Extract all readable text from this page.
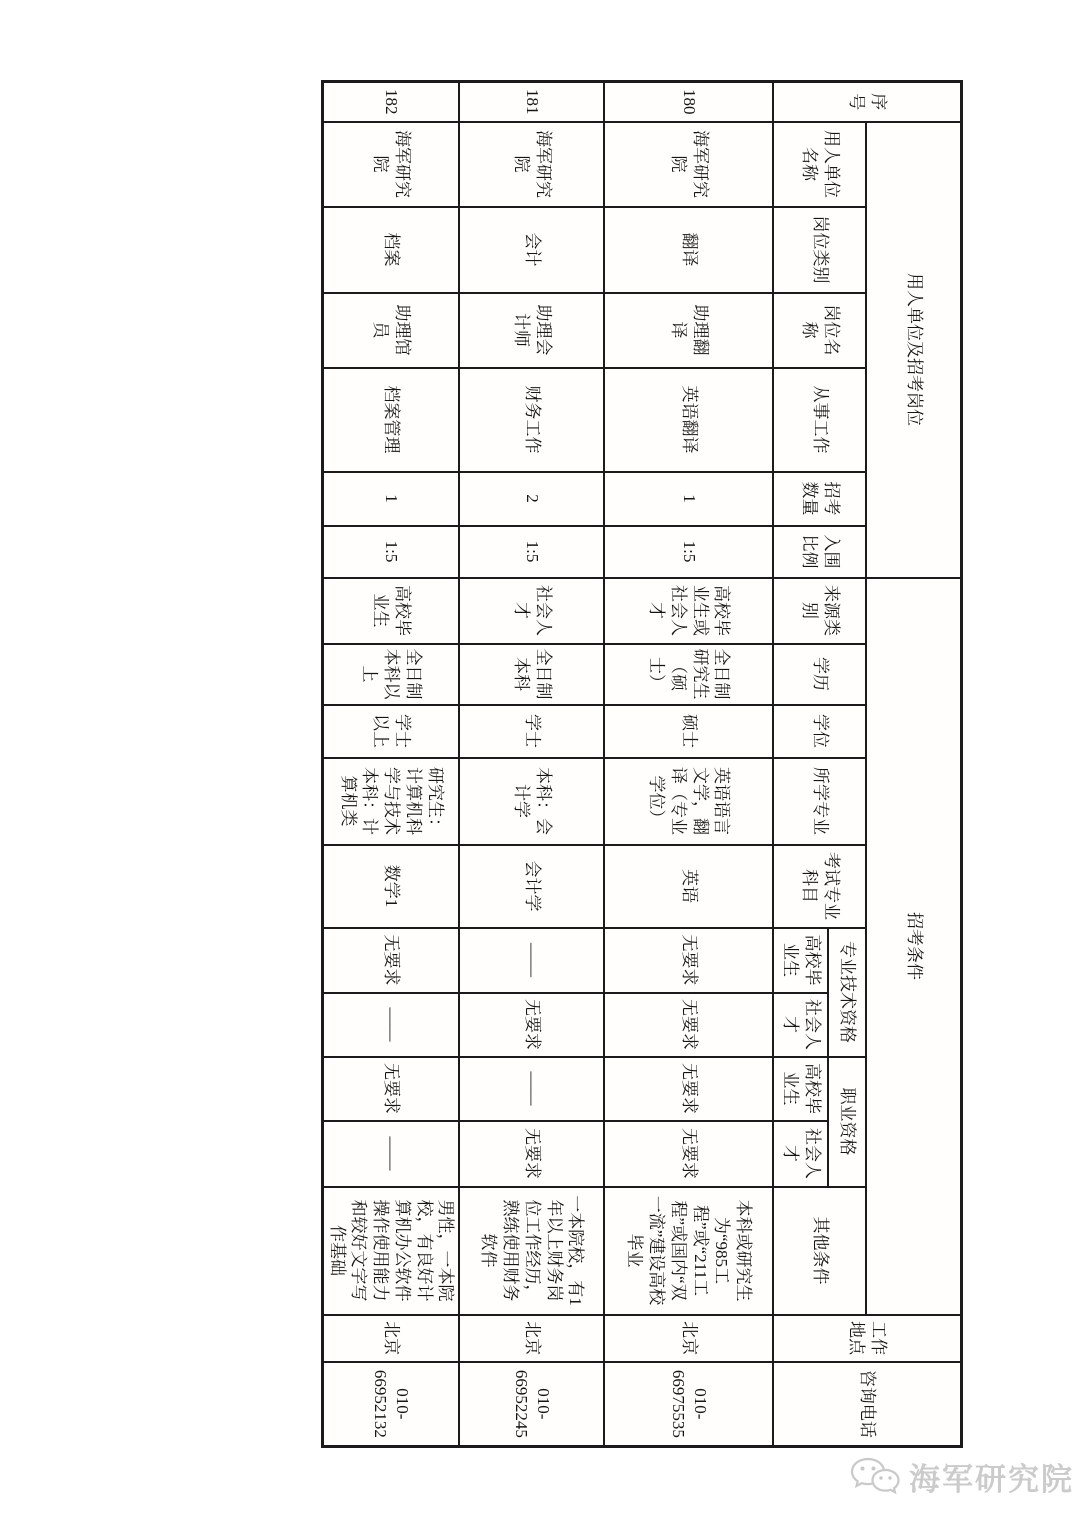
序号	用人单位及招考岗位						招考条件										工作地点	咨询电话
	用人单位名称	岗位类别	岗位名称	从事工作	招考数量	入围比例	来源类别	学历	学位	所学专业	考试专业科目	专业技术资格		职业资格		其他条件		
												高校毕业生	社会人才	高校毕业生	社会人才			
180	海军研究院	翻译	助理翻译	英语翻译	1	1:5	高校毕业生或社会人才	全日制研究生（硕士）	硕士	英语语言文学，翻译（专业学位）	英语	无要求	无要求	无要求	无要求	本科或研究生为“985工程”或“211工程”或国内“双一流”建设高校毕业	北京	010-66975535
181	海军研究院	会计	助理会计师	财务工作	2	1:5	社会人才	全日制本科	学士	本科：会计学	会计学	——	无要求	——	无要求	一本院校，有1年以上财务岗位工作经历，熟练使用财务软件	北京	010-66952245
182	海军研究院	档案	助理馆员	档案管理	1	1:5	高校毕业生	全日制本科以上	学士以上	研究生：计算机科学与技术 本科：计算机类	数学1	无要求	——	无要求	——	男性，一本院校，有良好计算机办公软件操作使用能力和较好文字写作基础	北京	010-66952132
海军研究院
